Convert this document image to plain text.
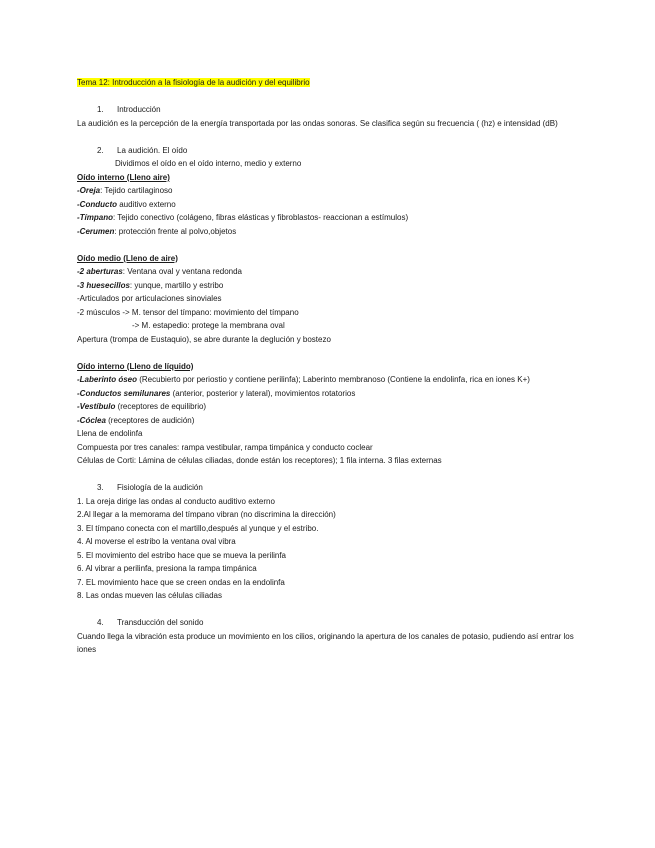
Tema 12: Introducción a la fisiología de la audición y del equilibrio
1. Introducción
La audición es la percepción de la energía transportada por las ondas sonoras. Se clasifica según su frecuencia ( (hz) e intensidad (dB)
2. La audición. El oído
Dividimos el oído en el oído interno, medio y externo
Oído interno (Lleno aire)
-Oreja: Tejido cartilaginoso
-Conducto auditivo externo
-Tímpano: Tejido conectivo (colágeno, fibras elásticas y fibroblastos- reaccionan a estímulos)
-Cerumen: protección frente al polvo,objetos
Oído medio (Lleno de aire)
-2 aberturas: Ventana oval y ventana redonda
-3 huesecillos: yunque, martillo y estribo
-Articulados por articulaciones sinoviales
-2 músculos -> M. tensor del tímpano: movimiento del tímpano
-> M. estapedio: protege la membrana oval
Apertura (trompa de Eustaquio), se abre durante la deglución y bostezo
Oído interno (Lleno de líquido)
-Laberinto óseo (Recubierto por periostio y contiene perilinfa); Laberinto membranoso (Contiene la endolinfa, rica en iones K+)
-Conductos semilunares (anterior, posterior y lateral), movimientos rotatorios
-Vestíbulo (receptores de equilibrio)
-Cóclea (receptores de audición)
Llena de endolinfa
Compuesta por tres canales: rampa vestibular, rampa timpánica y conducto coclear
Células de Corti: Lámina de células ciliadas, donde están los receptores); 1 fila interna. 3 filas externas
3. Fisiología de la audición
1. La oreja dirige las ondas al conducto auditivo externo
2.Al llegar a la memorama del tímpano vibran (no discrimina la dirección)
3. El tímpano conecta con el martillo,después al yunque y el estribo.
4. Al moverse el estribo la ventana oval vibra
5. El movimiento del estribo hace que se mueva la perilinfa
6. Al vibrar a perilinfa, presiona la rampa timpánica
7. EL movimiento hace que se creen ondas en la endolinfa
8. Las ondas mueven las células ciliadas
4. Transducción del sonido
Cuando llega la vibración esta produce un movimiento en los cilios, originando la apertura de los canales de potasio, pudiendo así entrar los iones
